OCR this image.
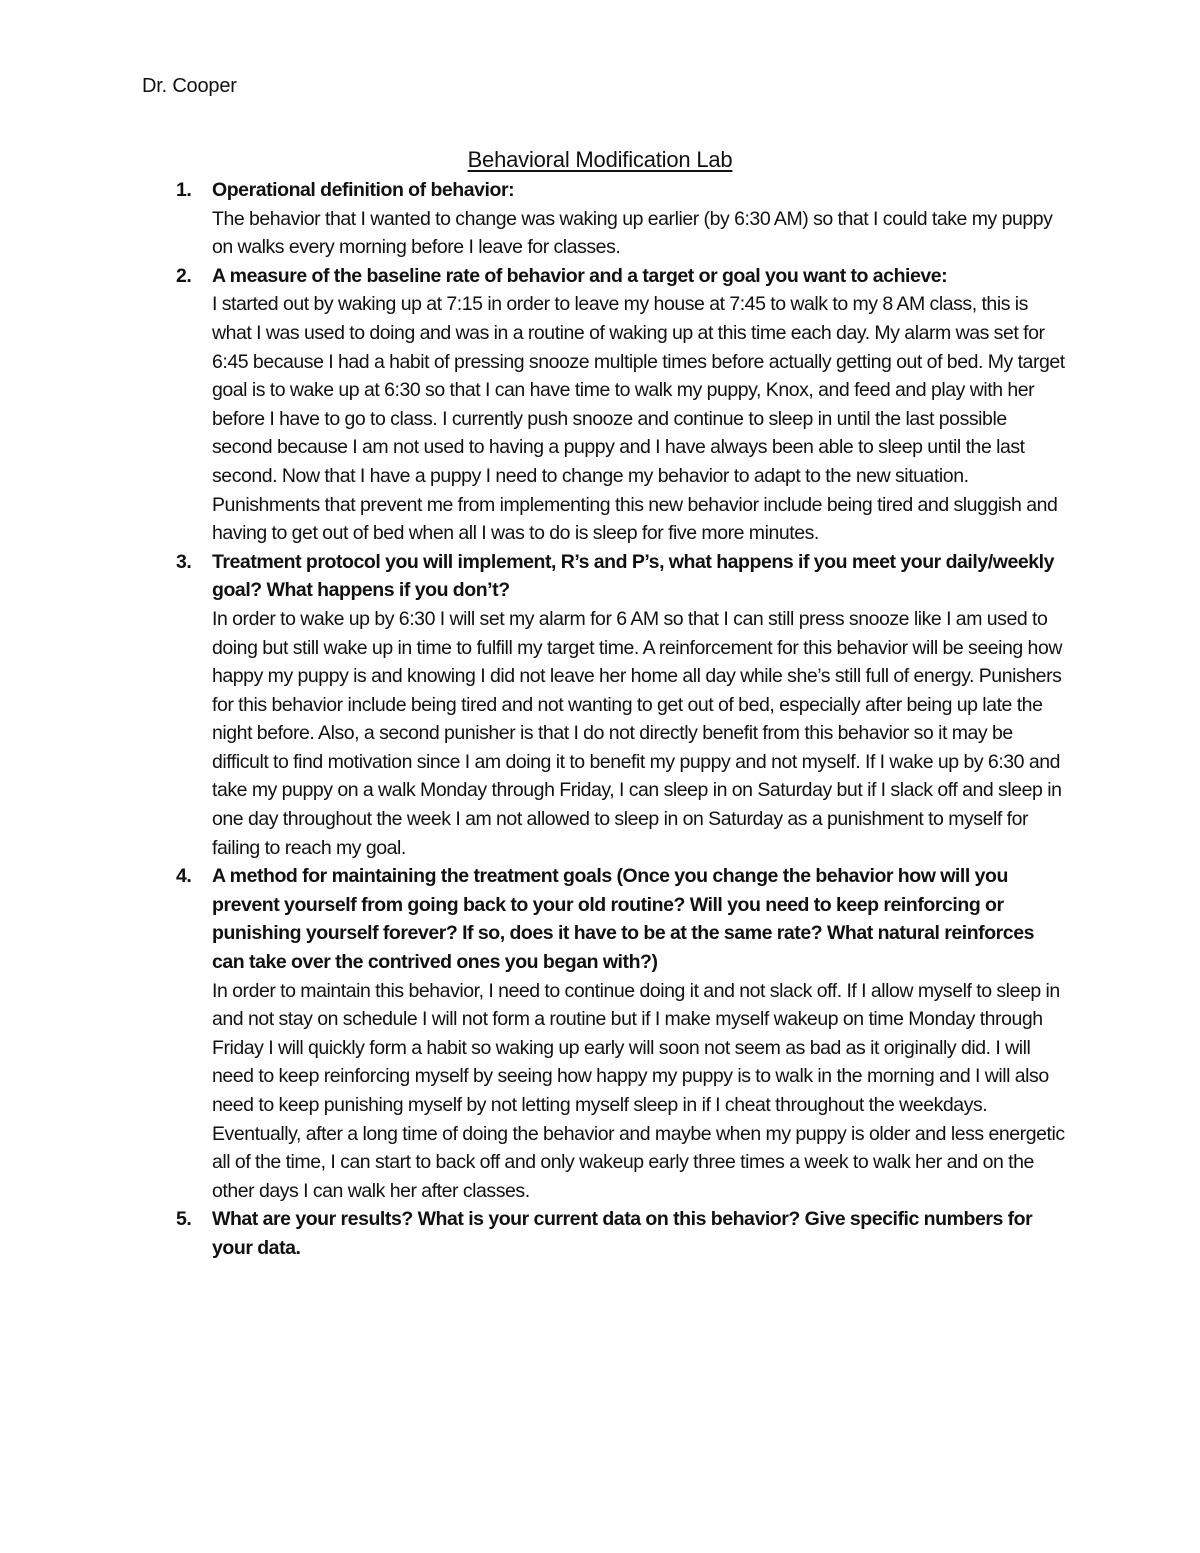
Dr. Cooper
Behavioral Modification Lab
1. Operational definition of behavior:
The behavior that I wanted to change was waking up earlier (by 6:30 AM) so that I could take my puppy on walks every morning before I leave for classes.
2. A measure of the baseline rate of behavior and a target or goal you want to achieve:
I started out by waking up at 7:15 in order to leave my house at 7:45 to walk to my 8 AM class, this is what I was used to doing and was in a routine of waking up at this time each day. My alarm was set for 6:45 because I had a habit of pressing snooze multiple times before actually getting out of bed. My target goal is to wake up at 6:30 so that I can have time to walk my puppy, Knox, and feed and play with her before I have to go to class. I currently push snooze and continue to sleep in until the last possible second because I am not used to having a puppy and I have always been able to sleep until the last second. Now that I have a puppy I need to change my behavior to adapt to the new situation. Punishments that prevent me from implementing this new behavior include being tired and sluggish and having to get out of bed when all I was to do is sleep for five more minutes.
3. Treatment protocol you will implement, R’s and P’s, what happens if you meet your daily/weekly goal? What happens if you don’t?
In order to wake up by 6:30 I will set my alarm for 6 AM so that I can still press snooze like I am used to doing but still wake up in time to fulfill my target time. A reinforcement for this behavior will be seeing how happy my puppy is and knowing I did not leave her home all day while she’s still full of energy. Punishers for this behavior include being tired and not wanting to get out of bed, especially after being up late the night before. Also, a second punisher is that I do not directly benefit from this behavior so it may be difficult to find motivation since I am doing it to benefit my puppy and not myself. If I wake up by 6:30 and take my puppy on a walk Monday through Friday, I can sleep in on Saturday but if I slack off and sleep in one day throughout the week I am not allowed to sleep in on Saturday as a punishment to myself for failing to reach my goal.
4. A method for maintaining the treatment goals (Once you change the behavior how will you prevent yourself from going back to your old routine? Will you need to keep reinforcing or punishing yourself forever? If so, does it have to be at the same rate? What natural reinforces can take over the contrived ones you began with?)
In order to maintain this behavior, I need to continue doing it and not slack off. If I allow myself to sleep in and not stay on schedule I will not form a routine but if I make myself wakeup on time Monday through Friday I will quickly form a habit so waking up early will soon not seem as bad as it originally did. I will need to keep reinforcing myself by seeing how happy my puppy is to walk in the morning and I will also need to keep punishing myself by not letting myself sleep in if I cheat throughout the weekdays. Eventually, after a long time of doing the behavior and maybe when my puppy is older and less energetic all of the time, I can start to back off and only wakeup early three times a week to walk her and on the other days I can walk her after classes.
5. What are your results? What is your current data on this behavior? Give specific numbers for your data.
